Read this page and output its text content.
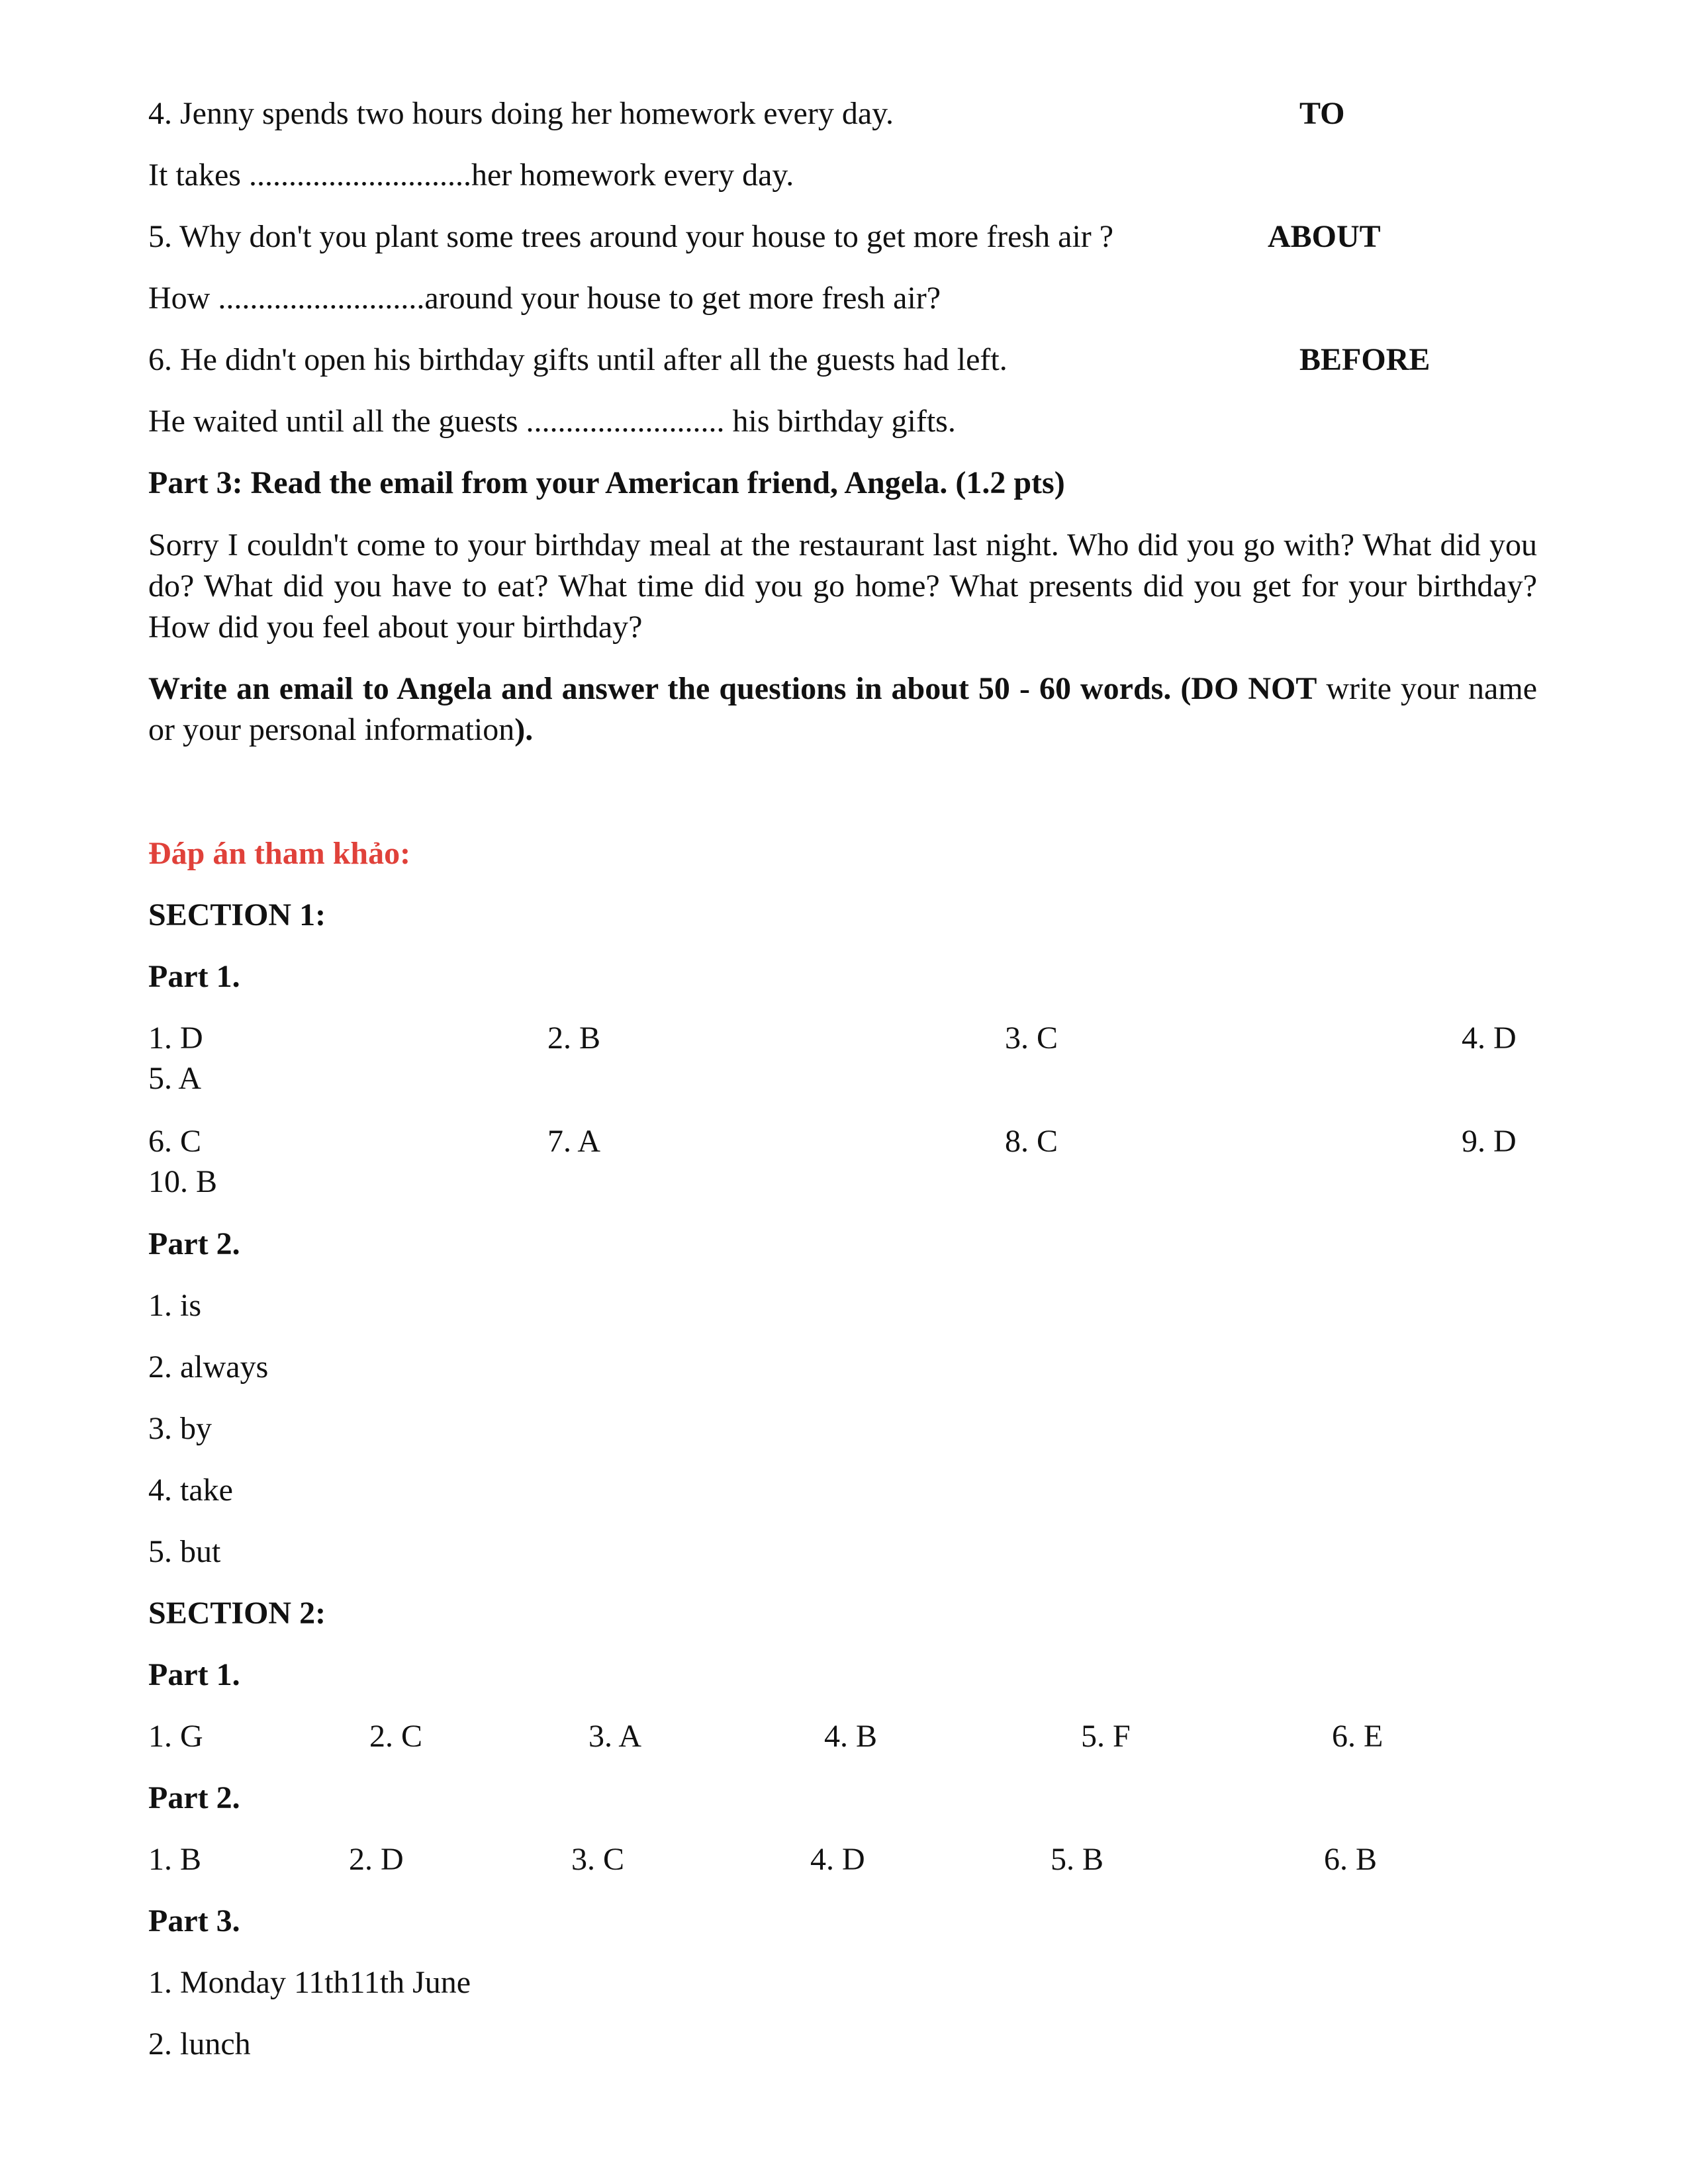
4. Jenny spends two hours doing her homework every day.	TO
It takes ............................her homework every day.
5. Why don't you plant some trees around your house to get more fresh air ?	ABOUT
How ..........................around your house to get more fresh air?
6. He didn't open his birthday gifts until after all the guests had left.	BEFORE
He waited until all the guests ......................... his birthday gifts.
Part 3: Read the email from your American friend, Angela. (1.2 pts)
Sorry I couldn't come to your birthday meal at the restaurant last night. Who did you go with? What did you do? What did you have to eat? What time did you go home? What presents did you get for your birthday? How did you feel about your birthday?
Write an email to Angela and answer the questions in about 50 - 60 words. (DO NOT write your name or your personal information).
Đáp án tham khảo:
SECTION 1:
Part 1.
1. D	2. B	3. C	4. D
5. A
6. C	7. A	8. C	9. D
10. B
Part 2.
1. is
2. always
3. by
4. take
5. but
SECTION 2:
Part 1.
1. G	2. C	3. A	4. B	5. F	6. E
Part 2.
1. B	2. D	3. C	4. D	5. B	6. B
Part 3.
1. Monday 11th11th June
2. lunch
